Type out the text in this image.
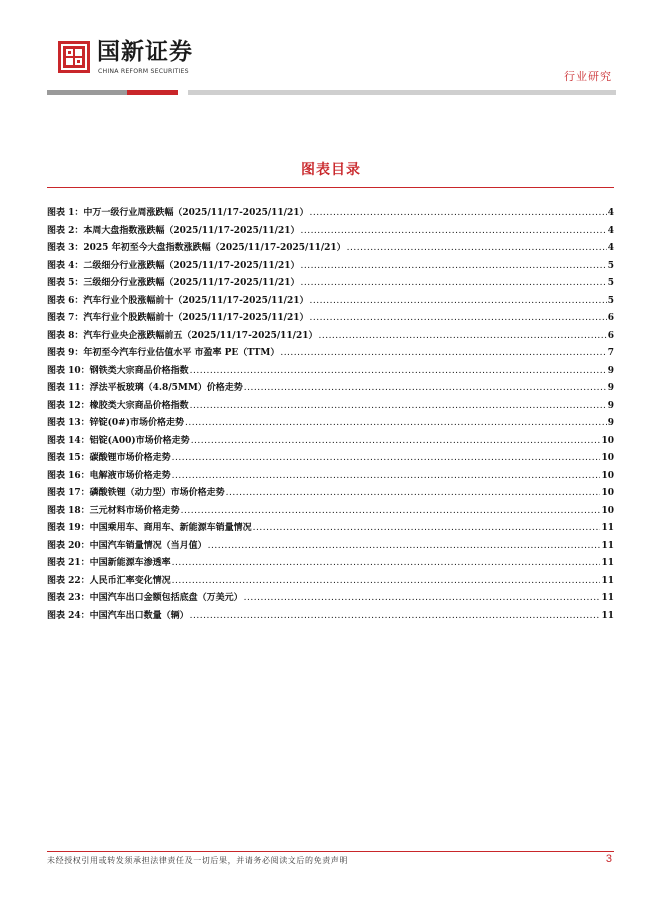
国新证券
CHINA REFORM SECURITIES	行业研究
图表目录
图表 1：中万一级行业周涨跌幅（2025/11/17-2025/11/21） .....	4
图表 2：本周大盘指数涨跌幅（2025/11/17-2025/11/21） .....	4
图表 3：2025 年初至今大盘指数涨跌幅（2025/11/17-2025/11/21） .....	4
图表 4：二级细分行业涨跌幅（2025/11/17-2025/11/21） .....	5
图表 5：三级细分行业涨跌幅（2025/11/17-2025/11/21） .....	5
图表 6：汽车行业个股涨幅前十（2025/11/17-2025/11/21） .....	5
图表 7：汽车行业个股跌幅前十（2025/11/17-2025/11/21） .....	6
图表 8：汽车行业央企涨跌幅前五（2025/11/17-2025/11/21） .....	6
图表 9：年初至今汽车行业估值水平 市盈率 PE（TTM） .....	7
图表 10：钢铁类大宗商品价格指数 .....	9
图表 11：浮法平板玻璃（4.8/5MM）价格走势 .....	9
图表 12：橡胶类大宗商品价格指数 .....	9
图表 13：锌锭(0#)市场价格走势 .....	9
图表 14：铝锭(A00)市场价格走势 .....	10
图表 15：碳酸锂市场价格走势 .....	10
图表 16：电解液市场价格走势 .....	10
图表 17：磷酸铁锂（动力型）市场价格走势 .....	10
图表 18：三元材料市场价格走势 .....	10
图表 19：中国乘用车、商用车、新能源车销量情况 .....	11
图表 20：中国汽车销量情况（当月值） .....	11
图表 21：中国新能源车渗透率 .....	11
图表 22：人民币汇率变化情况 .....	11
图表 23：中国汽车出口金额包括底盘（万美元） .....	11
图表 24：中国汽车出口数量（辆） .....	11
未经授权引用或转发须承担法律责任及一切后果，并请务必阅读文后的免责声明	3
